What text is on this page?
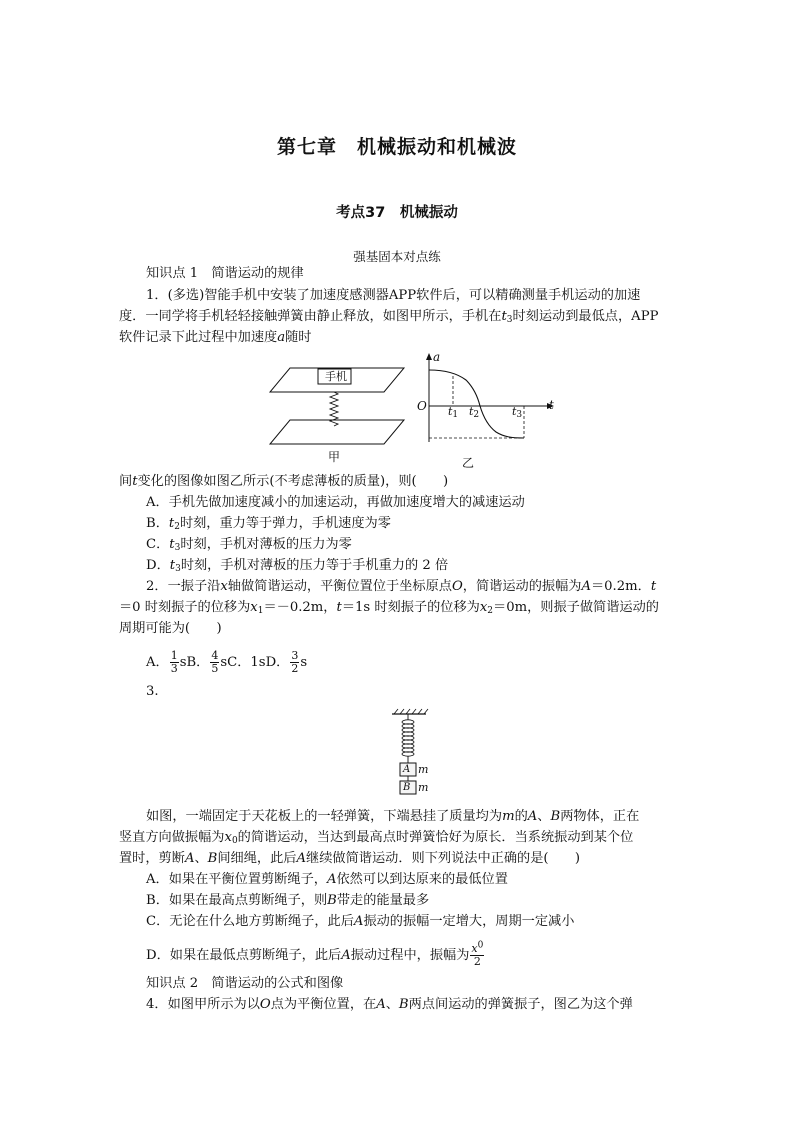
第七章　机械振动和机械波
考点37　机械振动
强基固本对点练
知识点 1　简谐运动的规律
1．(多选)智能手机中安装了加速度感测器APP软件后，可以精确测量手机运动的加速
度．一同学将手机轻轻接触弹簧由静止释放，如图甲所示，手机在$t_3$时刻运动到最低点，APP
软件记录下此过程中加速度a随时
手机
甲
a
O	t
$t_1$ $t_2$	$t_3$
乙
间t变化的图像如图乙所示(不考虑薄板的质量)，则(　　)
A．手机先做加速度减小的加速运动，再做加速度增大的减速运动
B．$t_2$时刻，重力等于弹力，手机速度为零
C．$t_3$时刻，手机对薄板的压力为零
D．$t_3$时刻，手机对薄板的压力等于手机重力的 2 倍
2．一振子沿x轴做简谐运动，平衡位置位于坐标原点O，简谐运动的振幅为A＝0.2m．t
＝0 时刻振子的位移为$x_1=-0.2m$，t＝1s 时刻振子的位移为$x_2=0m$，则振子做简谐运动的
周期可能为(　　)
A． $\frac{1}{3}$ sB． $\frac{4}{5}$ sC．1sD． $\frac{3}{2}$ s
3.
A
B
m
m
如图，一端固定于天花板上的一轻弹簧，下端悬挂了质量均为m的A、B两物体，正在
竖直方向做振幅为$x_0$的简谐运动，当达到最高点时弹簧恰好为原长．当系统振动到某个位
置时，剪断A、B间细绳，此后A继续做简谐运动．则下列说法中正确的是(　　)
A．如果在平衡位置剪断绳子，A依然可以到达原来的最低位置
B．如果在最高点剪断绳子，则B带走的能量最多
C．无论在什么地方剪断绳子，此后A振动的振幅一定增大，周期一定减小
D．如果在最低点剪断绳子，此后A振动过程中，振幅为 $\frac{x^0}{2}$
知识点 2　简谐运动的公式和图像
4．如图甲所示为以O点为平衡位置，在A、B两点间运动的弹簧振子，图乙为这个弹
